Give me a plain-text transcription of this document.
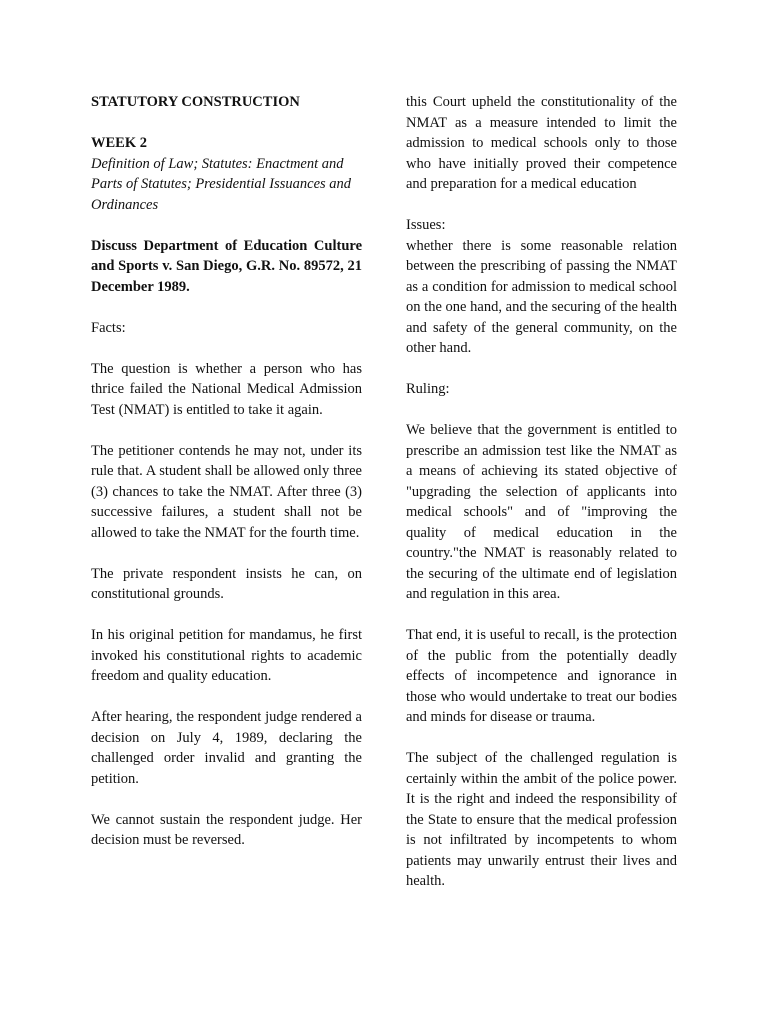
STATUTORY CONSTRUCTION

WEEK 2

Definition of Law; Statutes: Enactment and Parts of Statutes; Presidential Issuances and Ordinances

Discuss Department of Education Culture and Sports v. San Diego, G.R. No. 89572, 21 December 1989.

Facts:

The question is whether a person who has thrice failed the National Medical Admission Test (NMAT) is entitled to take it again.

The petitioner contends he may not, under its rule that. A student shall be allowed only three (3) chances to take the NMAT. After three (3) successive failures, a student shall not be allowed to take the NMAT for the fourth time.

The private respondent insists he can, on constitutional grounds.

In his original petition for mandamus, he first invoked his constitutional rights to academic freedom and quality education.

After hearing, the respondent judge rendered a decision on July 4, 1989, declaring the challenged order invalid and granting the petition.

We cannot sustain the respondent judge. Her decision must be reversed.

this Court upheld the constitutionality of the NMAT as a measure intended to limit the admission to medical schools only to those who have initially proved their competence and preparation for a medical education

Issues:

whether there is some reasonable relation between the prescribing of passing the NMAT as a condition for admission to medical school on the one hand, and the securing of the health and safety of the general community, on the other hand.

Ruling:

We believe that the government is entitled to prescribe an admission test like the NMAT as a means of achieving its stated objective of "upgrading the selection of applicants into medical schools" and of "improving the quality of medical education in the country."the NMAT is reasonably related to the securing of the ultimate end of legislation and regulation in this area.

That end, it is useful to recall, is the protection of the public from the potentially deadly effects of incompetence and ignorance in those who would undertake to treat our bodies and minds for disease or trauma.

The subject of the challenged regulation is certainly within the ambit of the police power. It is the right and indeed the responsibility of the State to ensure that the medical profession is not infiltrated by incompetents to whom patients may unwarily entrust their lives and health.
